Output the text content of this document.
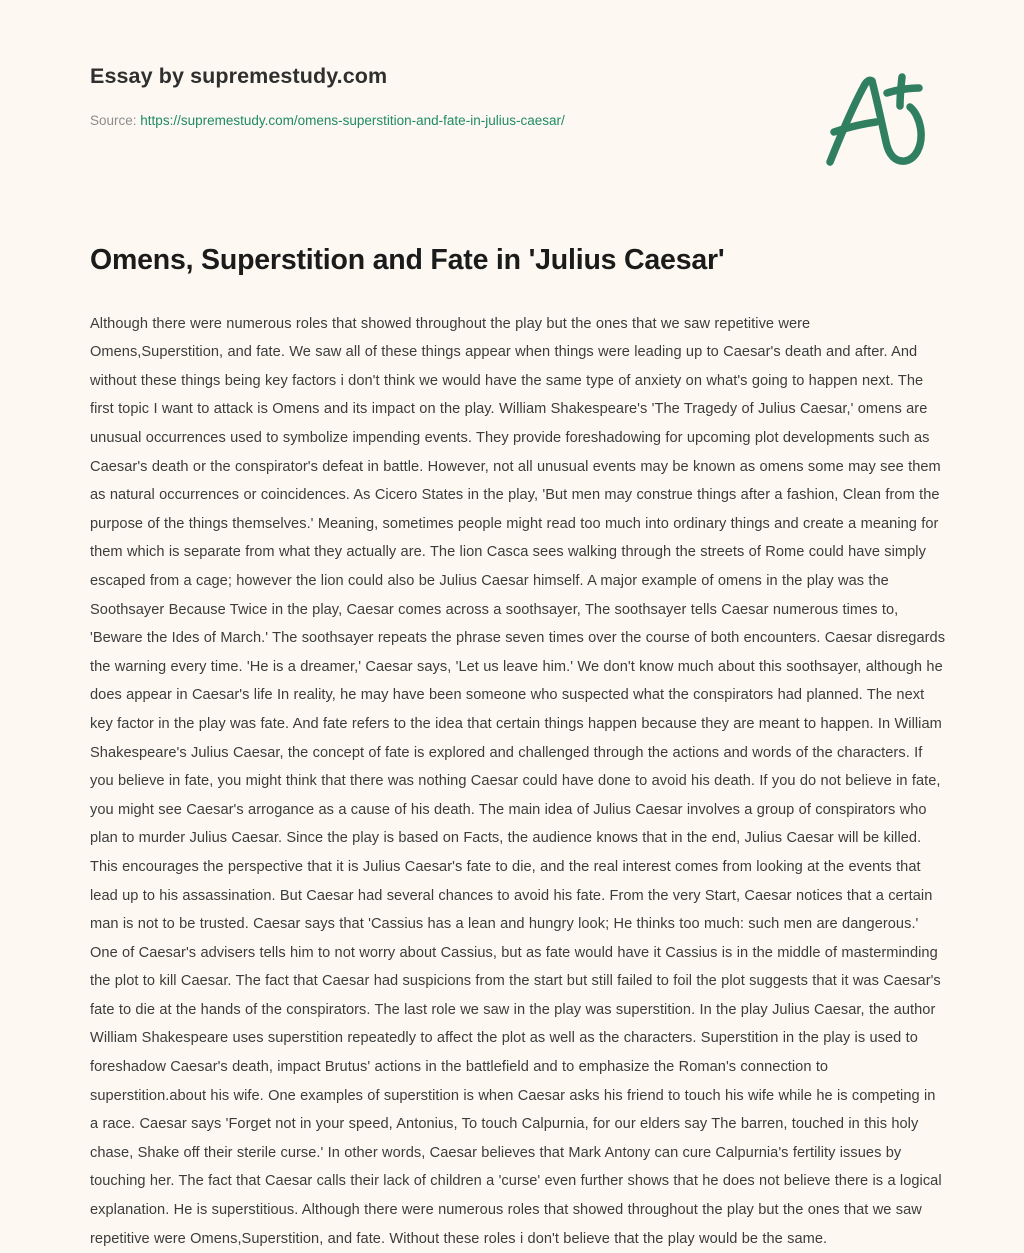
Essay by supremestudy.com
Source: https://supremestudy.com/omens-superstition-and-fate-in-julius-caesar/
Omens, Superstition and Fate in 'Julius Caesar'

Although there were numerous roles that showed throughout the play but the ones that we saw repetitive were Omens,Superstition, and fate. We saw all of these things appear when things were leading up to Caesar's death and after. And without these things being key factors i don't think we would have the same type of anxiety on what's going to happen next. The first topic I want to attack is Omens and its impact on the play. William Shakespeare's 'The Tragedy of Julius Caesar,' omens are unusual occurrences used to symbolize impending events. They provide foreshadowing for upcoming plot developments such as Caesar's death or the conspirator's defeat in battle. However, not all unusual events may be known as omens some may see them as natural occurrences or coincidences. As Cicero States in the play, 'But men may construe things after a fashion, Clean from the purpose of the things themselves.' Meaning, sometimes people might read too much into ordinary things and create a meaning for them which is separate from what they actually are. The lion Casca sees walking through the streets of Rome could have simply escaped from a cage; however the lion could also be Julius Caesar himself. A major example of omens in the play was the Soothsayer Because Twice in the play, Caesar comes across a soothsayer, The soothsayer tells Caesar numerous times to, 'Beware the Ides of March.' The soothsayer repeats the phrase seven times over the course of both encounters. Caesar disregards the warning every time. 'He is a dreamer,' Caesar says, 'Let us leave him.' We don't know much about this soothsayer, although he does appear in Caesar's life In reality, he may have been someone who suspected what the conspirators had planned. The next key factor in the play was fate. And fate refers to the idea that certain things happen because they are meant to happen. In William Shakespeare's Julius Caesar, the concept of fate is explored and challenged through the actions and words of the characters. If you believe in fate, you might think that there was nothing Caesar could have done to avoid his death. If you do not believe in fate, you might see Caesar's arrogance as a cause of his death. The main idea of Julius Caesar involves a group of conspirators who plan to murder Julius Caesar. Since the play is based on Facts, the audience knows that in the end, Julius Caesar will be killed. This encourages the perspective that it is Julius Caesar's fate to die, and the real interest comes from looking at the events that lead up to his assassination. But Caesar had several chances to avoid his fate. From the very Start, Caesar notices that a certain man is not to be trusted. Caesar says that 'Cassius has a lean and hungry look; He thinks too much: such men are dangerous.' One of Caesar's advisers tells him to not worry about Cassius, but as fate would have it Cassius is in the middle of masterminding the plot to kill Caesar. The fact that Caesar had suspicions from the start but still failed to foil the plot suggests that it was Caesar's fate to die at the hands of the conspirators. The last role we saw in the play was superstition. In the play Julius Caesar, the author William Shakespeare uses superstition repeatedly to affect the plot as well as the characters. Superstition in the play is used to foreshadow Caesar's death, impact Brutus' actions in the battlefield and to emphasize the Roman's connection to superstition.about his wife. One examples of superstition is when Caesar asks his friend to touch his wife while he is competing in a race. Caesar says 'Forget not in your speed, Antonius, To touch Calpurnia, for our elders say The barren, touched in this holy chase, Shake off their sterile curse.' In other words, Caesar believes that Mark Antony can cure Calpurnia's fertility issues by touching her. The fact that Caesar calls their lack of children a 'curse' even further shows that he does not believe there is a logical explanation. He is superstitious. Although there were numerous roles that showed throughout the play but the ones that we saw repetitive were Omens,Superstition, and fate. Without these roles i don't believe that the play would be the same.
